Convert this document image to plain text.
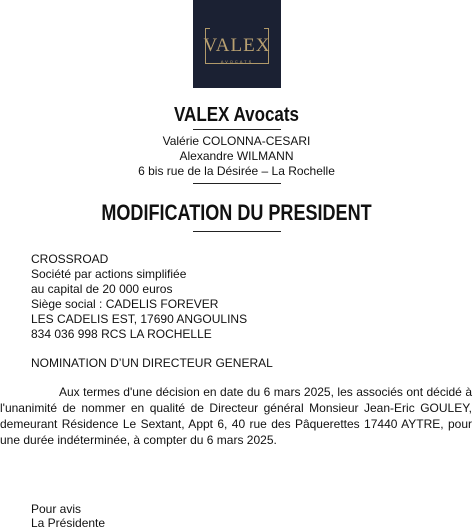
VALEX
AVOCATS
VALEX Avocats
Valérie COLONNA-CESARI
Alexandre WILMANN
6 bis rue de la Désirée – La Rochelle
MODIFICATION DU PRESIDENT
CROSSROAD
Société par actions simplifiée
au capital de 20 000 euros
Siège social : CADELIS FOREVER
LES CADELIS EST, 17690 ANGOULINS
834 036 998 RCS LA ROCHELLE
NOMINATION D’UN DIRECTEUR GENERAL
Aux termes d'une décision en date du 6 mars 2025, les associés ont décidé à l'unanimité de nommer en qualité de Directeur général Monsieur Jean-Eric GOULEY, demeurant Résidence Le Sextant, Appt 6, 40 rue des Pâquerettes 17440 AYTRE, pour une durée indéterminée, à compter du 6 mars 2025.
Pour avis
La Présidente
